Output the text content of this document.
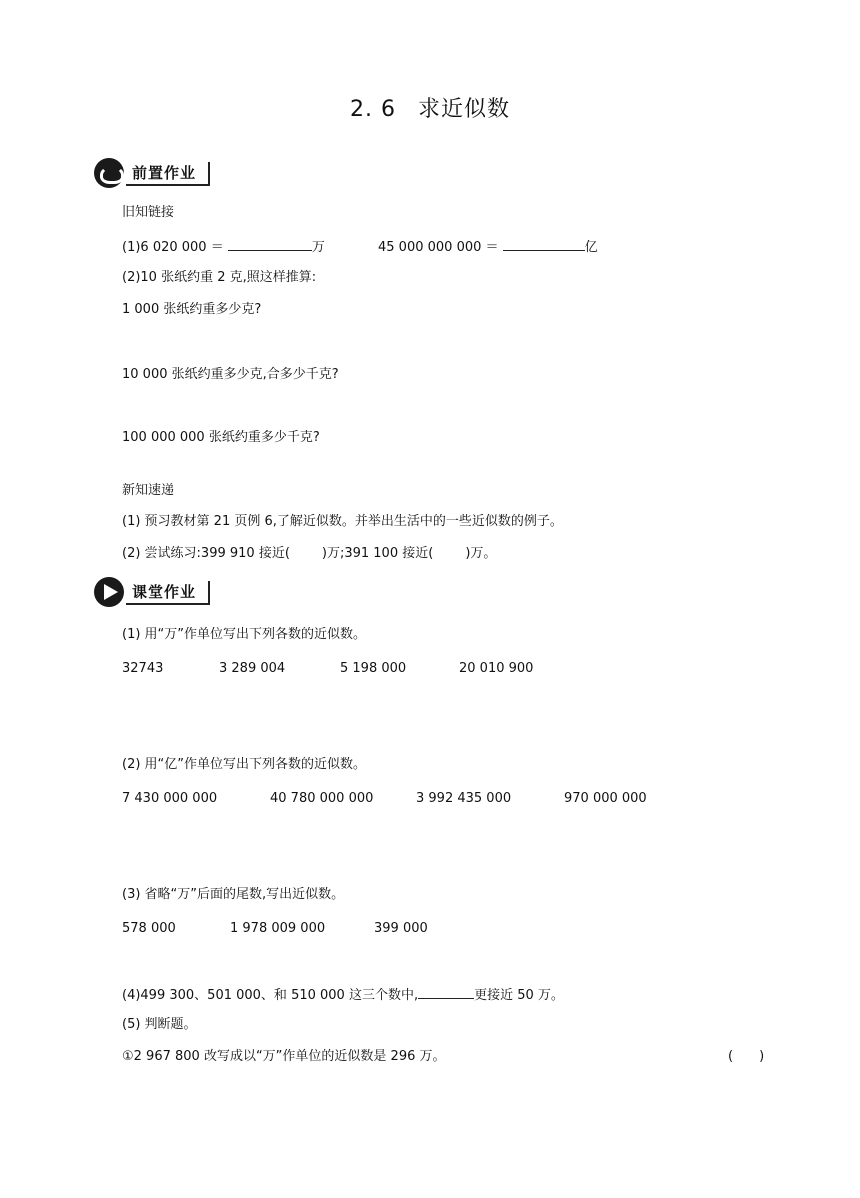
2. 6 求近似数
前置作业
旧知链接
(1)6 020 000 ＝	万	45 000 000 000 ＝	亿
(2)10 张纸约重 2 克,照这样推算:
1 000 张纸约重多少克?
10 000 张纸约重多少克,合多少千克?
100 000 000 张纸约重多少千克?
新知速递
(1) 预习教材第 21 页例 6,了解近似数。并举出生活中的一些近似数的例子。
(2) 尝试练习:399 910 接近( )万;391 100 接近( )万。
课堂作业
(1) 用“万”作单位写出下列各数的近似数。
32743	3 289 004	5 198 000	20 010 900
(2) 用“亿”作单位写出下列各数的近似数。
7 430 000 000	40 780 000 000	3 992 435 000	970 000 000
(3) 省略“万”后面的尾数,写出近似数。
578 000	1 978 009 000	399 000
(4)499 300、501 000、和 510 000 这三个数中,	更接近 50 万。
(5) 判断题。
①2 967 800 改写成以“万”作单位的近似数是 296 万。	(　　)
